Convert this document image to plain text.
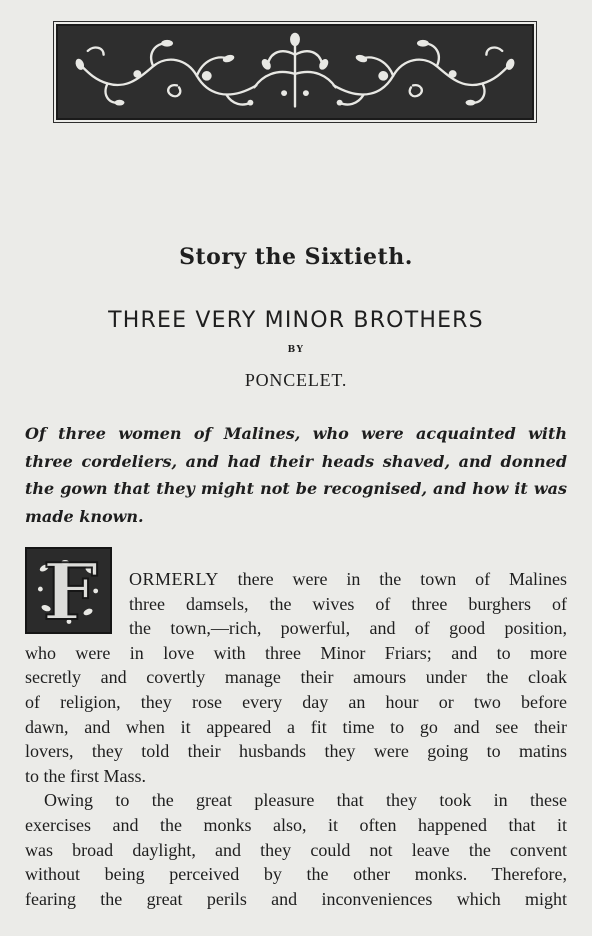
Story the Sixtieth.
THREE VERY MINOR BROTHERS
BY
PONCELET.
Of three women of Malines, who were acquainted with
three cordeliers, and had their heads shaved, and donned
the gown that they might not be recognised, and how it was
made known.
F	ORMERLY there were in the town of Malines
three damsels, the wives of three burghers of
the town,—rich, powerful, and of good position,
who were in love with three Minor Friars; and to more
secretly and covertly manage their amours under the cloak
of religion, they rose every day an hour or two before
dawn, and when it appeared a fit time to go and see their
lovers, they told their husbands they were going to matins
to the first Mass.
Owing to the great pleasure that they took in these
exercises and the monks also, it often happened that it
was broad daylight, and they could not leave the convent
without being perceived by the other monks. Therefore,
fearing the great perils and inconveniences which might
